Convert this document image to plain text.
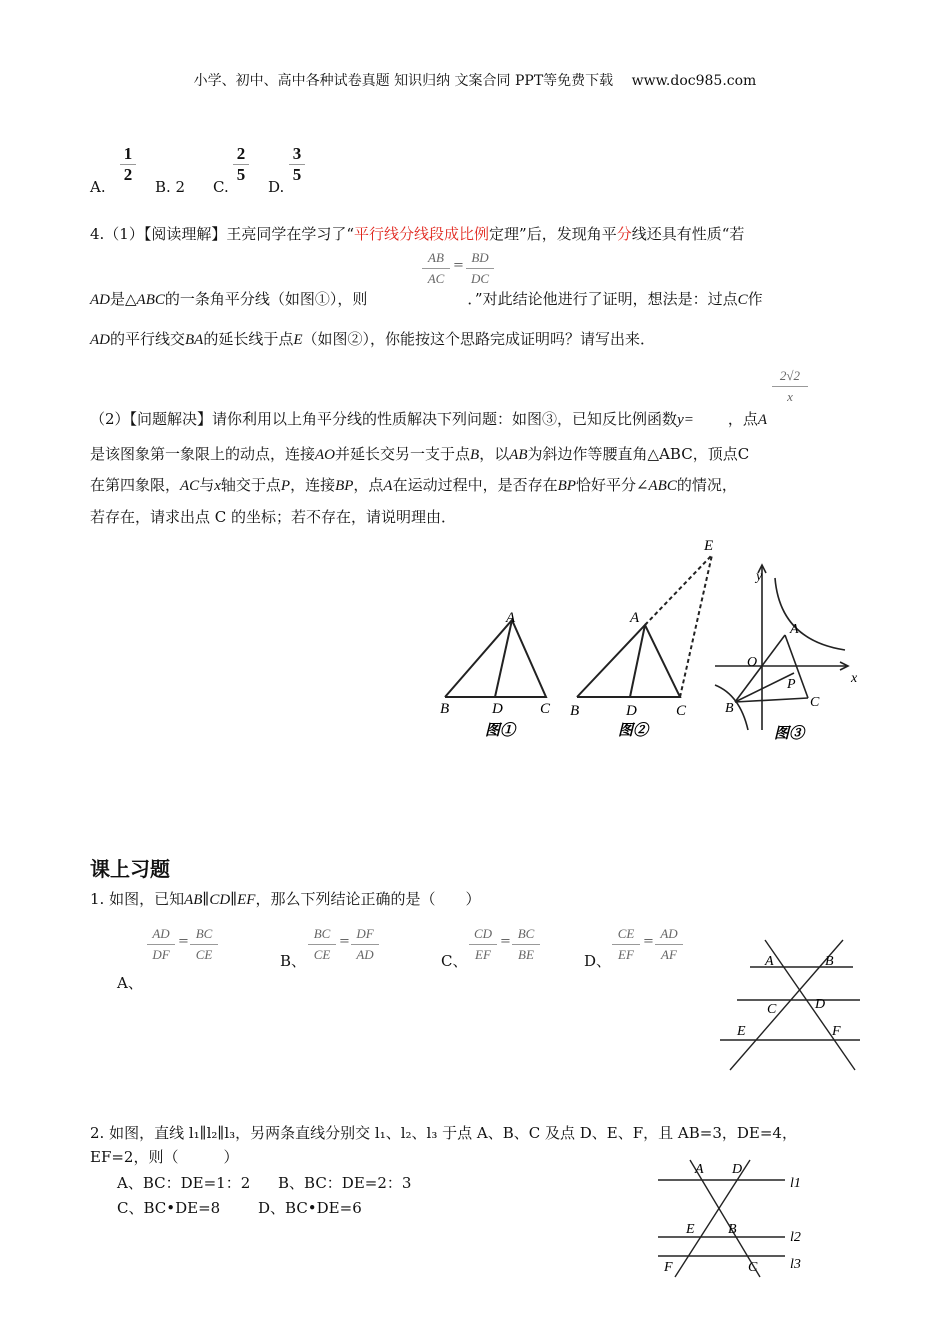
小学、初中、高中各种试卷真题 知识归纳 文案合同 PPT等免费下载　 www.doc985.com
A.
1
2
B. 2 C.
2
5
D.
3
5
4.（1）【阅读理解】王亮同学在学习了“平行线分线段成比例定理”后，发现角平分线还具有性质“若
AB
AC
=
BD
DC
AD是△ABC的一条角平分线（如图①），则	．”对此结论他进行了证明，想法是：过点C作
AD的平行线交BA的延长线于点E（如图②），你能按这个思路完成证明吗？请写出来．
2√2
x
（2）【问题解决】请你利用以上角平分线的性质解决下列问题：如图③，已知反比例函数y= ，点A
是该图象第一象限上的动点，连接AO并延长交另一支于点B，以AB为斜边作等腰直角△ABC，顶点C
在第四象限，AC与x轴交于点P，连接BP，点A在运动过程中，是否存在BP恰好平分∠ABC的情况，
若存在，请求出点 C 的坐标；若不存在，请说明理由．
A
B	D C
图①
A
E
B	D	C
图②
y
x
O
A
P
B	C
图③
课上习题
1. 如图，已知AB∥CD∥EF，那么下列结论正确的是（　　）
AD
DF
=
BC
CE
A、
B、
BC
CE
=
DF
AD	C、
CD
EF
=
BC
BE	D、
CE
EF
=
AD
AF	A	B
C	D
E	F
2. 如图，直线 l₁∥l₂∥l₃，另两条直线分别交 l₁、l₂、l₃ 于点 A、B、C 及点 D、E、F，且 AB=3，DE=4，
EF=2，则（　　　）
A、BC：DE=1：2 B、BC：DE=2：3
C、BC•DE=8	D、BC•DE=6
A D
l1
E B
l2
F	C l3
